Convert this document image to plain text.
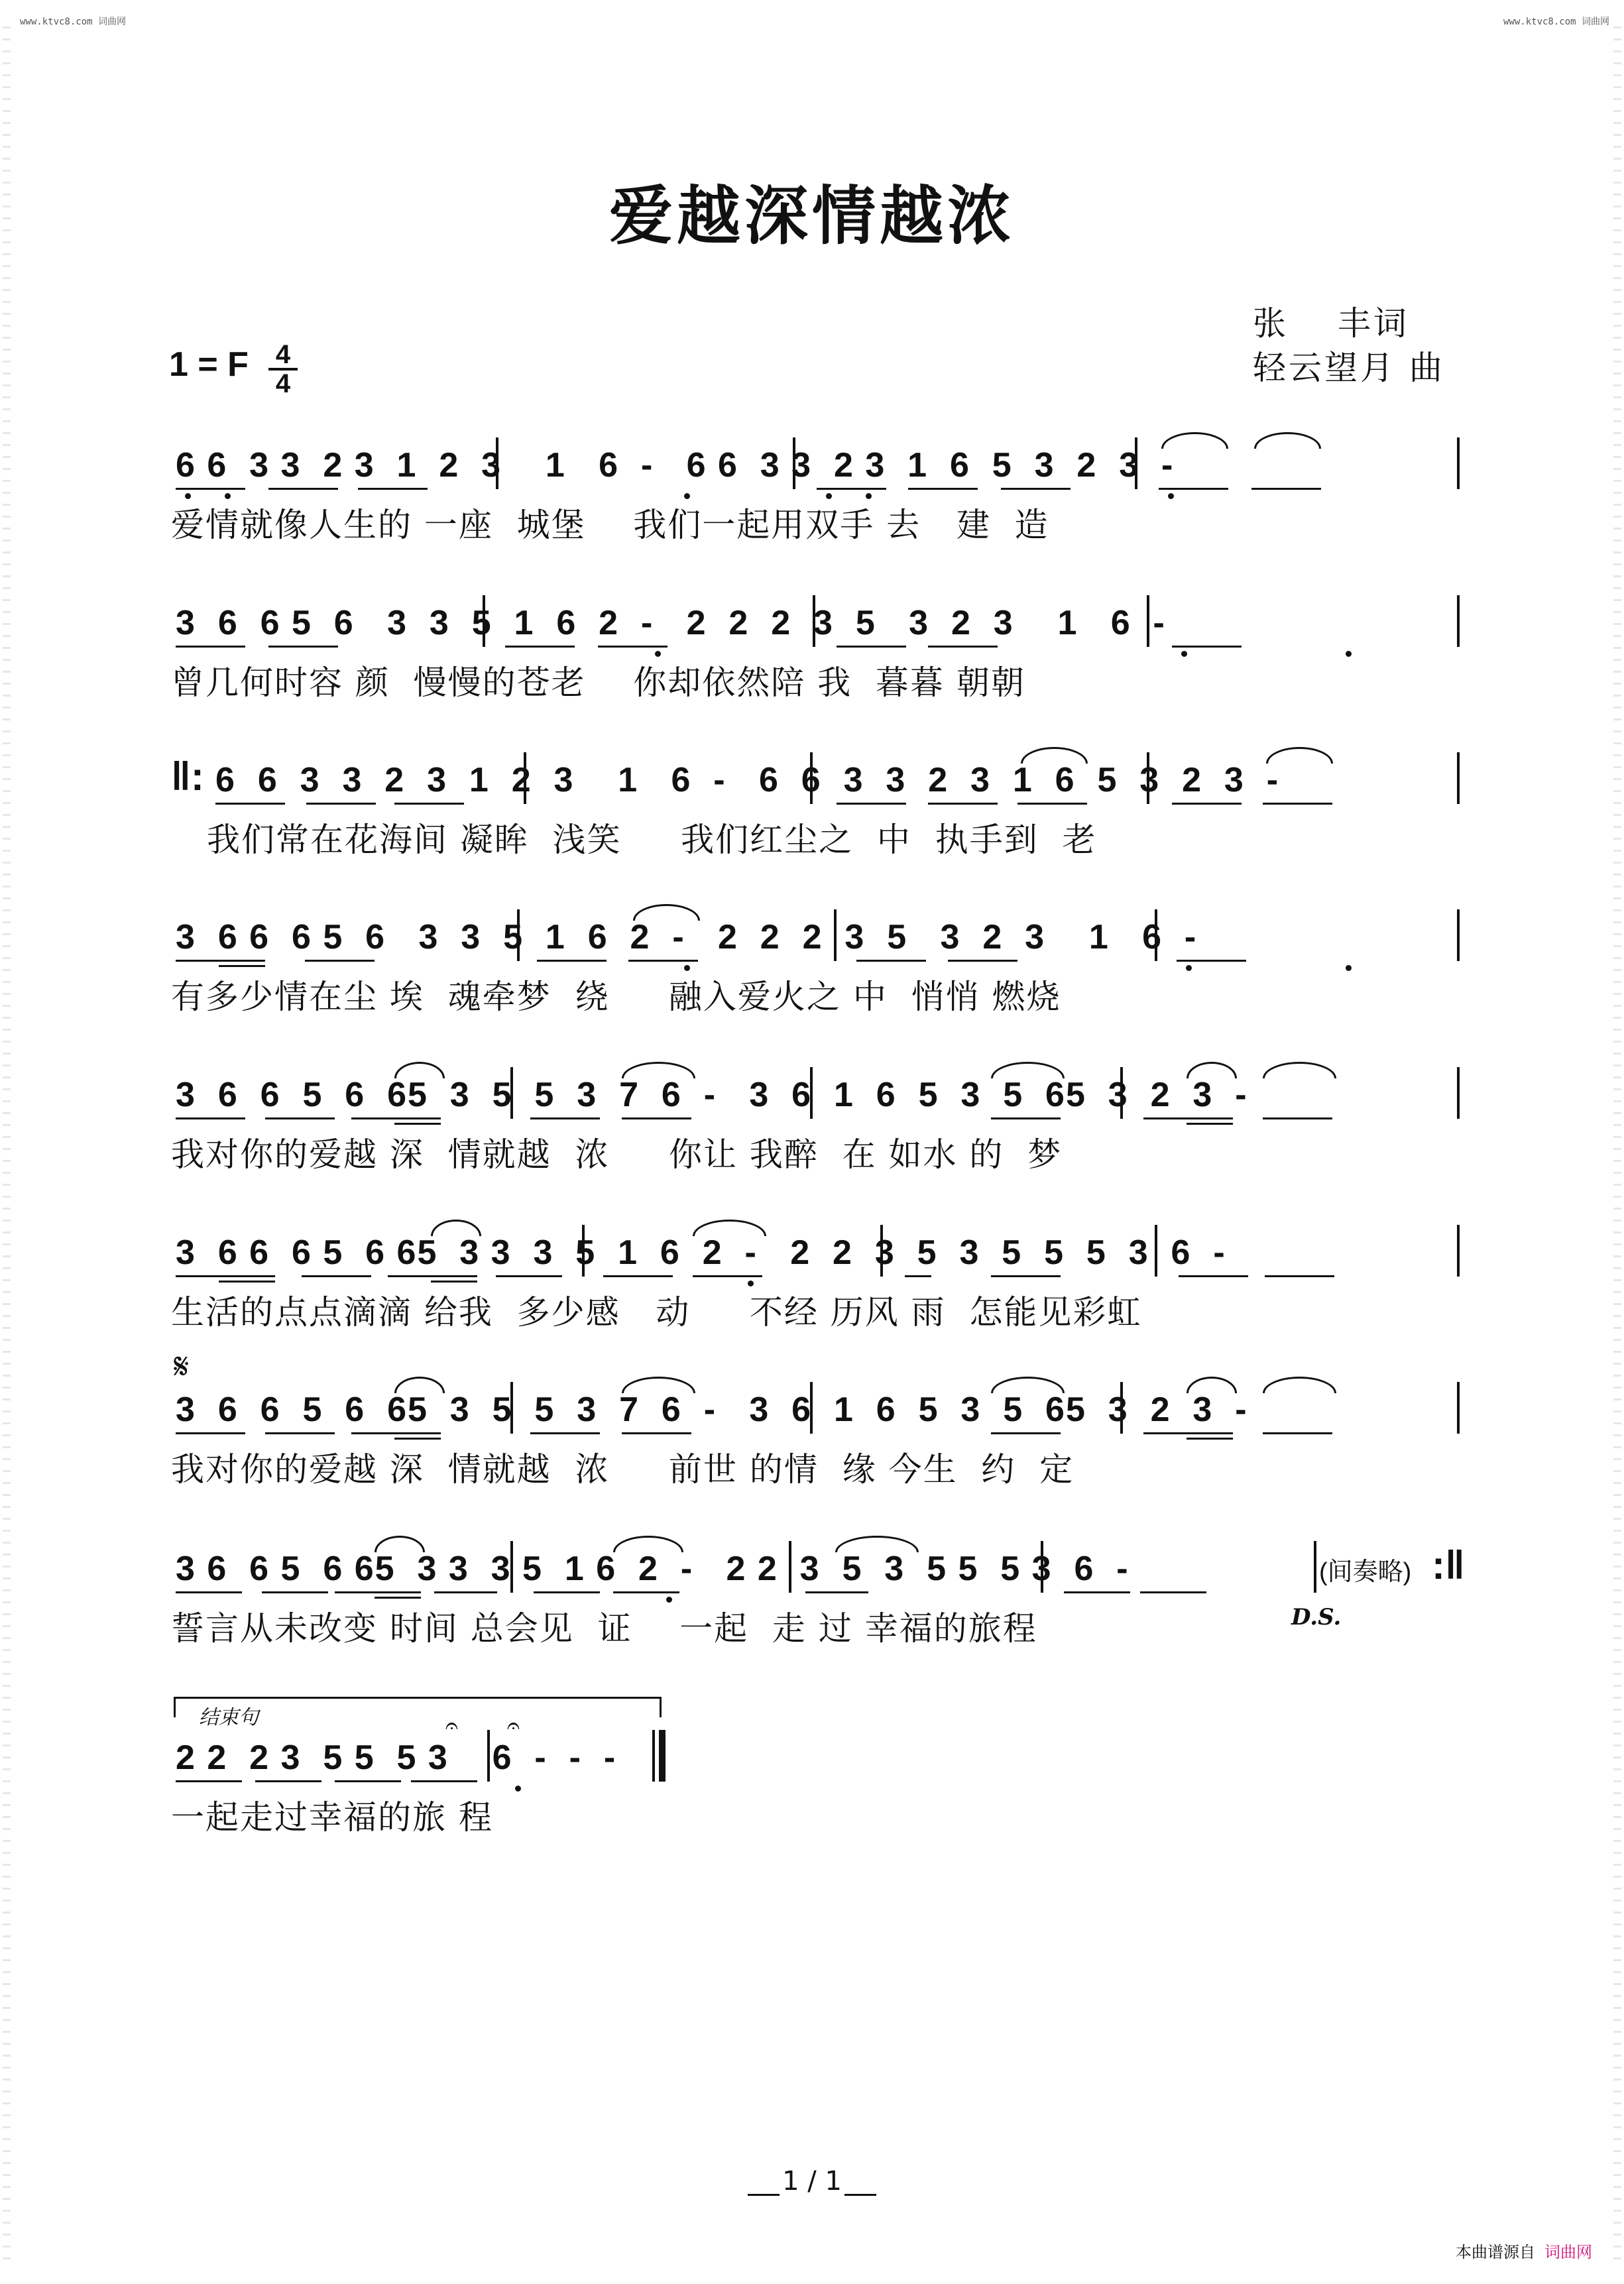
www.ktvc8.com 词曲网	www.ktvc8.com 词曲网
爱越深情越浓
张　 丰词
轻云望月 曲
1 = F 4
4
6 6  3 3  2 3  1  2  3    1   6  -   6 6  3 3  2 3  1  6  5  3  2  3  -
爱情就像人生的 一座  城堡    我们一起用双手 去   建  造
3  6  6 5  6   3  3  5  1  6  2  -   2  2  2  3  5   3  2  3    1   6  -
曾几何时容 颜  慢慢的苍老    你却依然陪 我  暮暮 朝朝
6  6  3  3  2  3  1  2  3    1   6  -   6  6  3  3  2  3  1  6  5  3  2  3  -
我们常在花海间 凝眸  浅笑     我们红尘之  中  执手到  老
‖:
3  6 6  6 5  6   3  3  5  1  6  2  -   2  2  2  3  5   3  2  3    1   6  -
有多少情在尘 埃  魂牵梦  绕     融入爱火之 中  悄悄 燃烧
3  6  6  5  6  65  3  5  5  3  7  6  -   3  6  1  6  5  3  5  65  3  2  3  -
我对你的爱越 深  情就越  浓     你让 我醉  在 如水 的  梦
3  6 6  6 5  6 65  3 3  3  5  1  6  2  -   2  2  3  5  3  5  5  5  3  6  -
生活的点点滴滴 给我  多少感   动     不经 历风 雨  怎能见彩虹
𝄋
3  6  6  5  6  65  3  5  5  3  7  6  -   3  6  1  6  5  3  5  65  3  2  3  -
我对你的爱越 深  情就越  浓     前世 的情  缘 今生  约  定
3 6  6 5  6 65  3 3  3 5  1 6  2  -   2 2  3  5  3  5 5  5 3  6  -
誓言从未改变 时间 总会见  证    一起  走 过 幸福的旅程
(间奏略) :‖
D.S.
结束句
2 2  2 3  5 5  5 3    6  -  -  -
一起走过幸福的旅 程
𝄐 𝄐
1 / 1
本曲谱源自 词曲网
